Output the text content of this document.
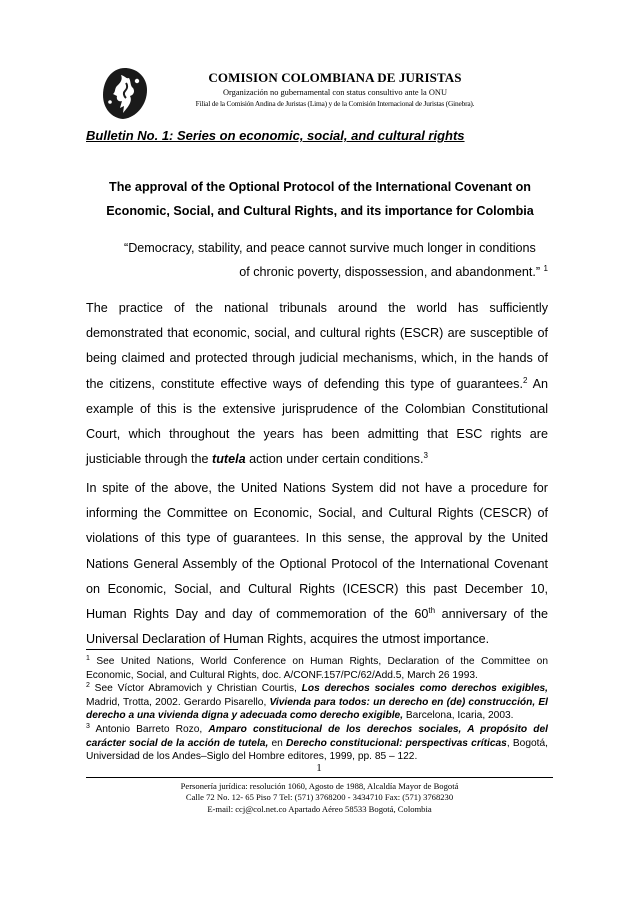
COMISION COLOMBIANA DE JURISTAS
Organización no gubernamental con status consultivo ante la ONU
Filial de la Comisión Andina de Juristas (Lima) y de la Comisión Internacional de Juristas (Ginebra).
Bulletin No. 1: Series on economic, social, and cultural rights
The approval of the Optional Protocol of the International Covenant on
Economic, Social, and Cultural Rights, and its importance for Colombia
“Democracy, stability, and peace cannot survive much longer in conditions
of chronic poverty, dispossession, and abandonment.” $^1$
The practice of the national tribunals around the world has sufficiently demonstrated that economic, social, and cultural rights (ESCR) are susceptible of being claimed and protected through judicial mechanisms, which, in the hands of the citizens, constitute effective ways of defending this type of guarantees.$^2$ An example of this is the extensive jurisprudence of the Colombian Constitutional Court, which throughout the years has been admitting that ESC rights are justiciable through the tutela action under certain conditions.$^3$
In spite of the above, the United Nations System did not have a procedure for informing the Committee on Economic, Social, and Cultural Rights (CESCR) of violations of this type of guarantees. In this sense, the approval by the United Nations General Assembly of the Optional Protocol of the International Covenant on Economic, Social, and Cultural Rights (ICESCR) this past December 10, Human Rights Day and day of commemoration of the 60th anniversary of the Universal Declaration of Human Rights, acquires the utmost importance.

$^1$ See United Nations, World Conference on Human Rights, Declaration of the Committee on Economic, Social, and Cultural Rights, doc. A/CONF.157/PC/62/Add.5, March 26 1993.

$^2$ See Víctor Abramovich y Christian Courtis, Los derechos sociales como derechos exigibles, Madrid, Trotta, 2002. Gerardo Pisarello, Vivienda para todos: un derecho en (de) construcción, El derecho a una vivienda digna y adecuada como derecho exigible, Barcelona, Icaria, 2003.

$^3$ Antonio Barreto Rozo, Amparo constitucional de los derechos sociales, A propósito del carácter social de la acción de tutela, en Derecho constitucional: perspectivas críticas, Bogotá, Universidad de los Andes–Siglo del Hombre editores, 1999, pp. 85 – 122.

1
Personería jurídica: resolución 1060, Agosto de 1988, Alcaldía Mayor de Bogotá
Calle 72 No. 12- 65 Piso 7 Tel: (571) 3768200 - 3434710 Fax: (571) 3768230
E-mail: ccj@col.net.co Apartado Aéreo 58533 Bogotá, Colombia
